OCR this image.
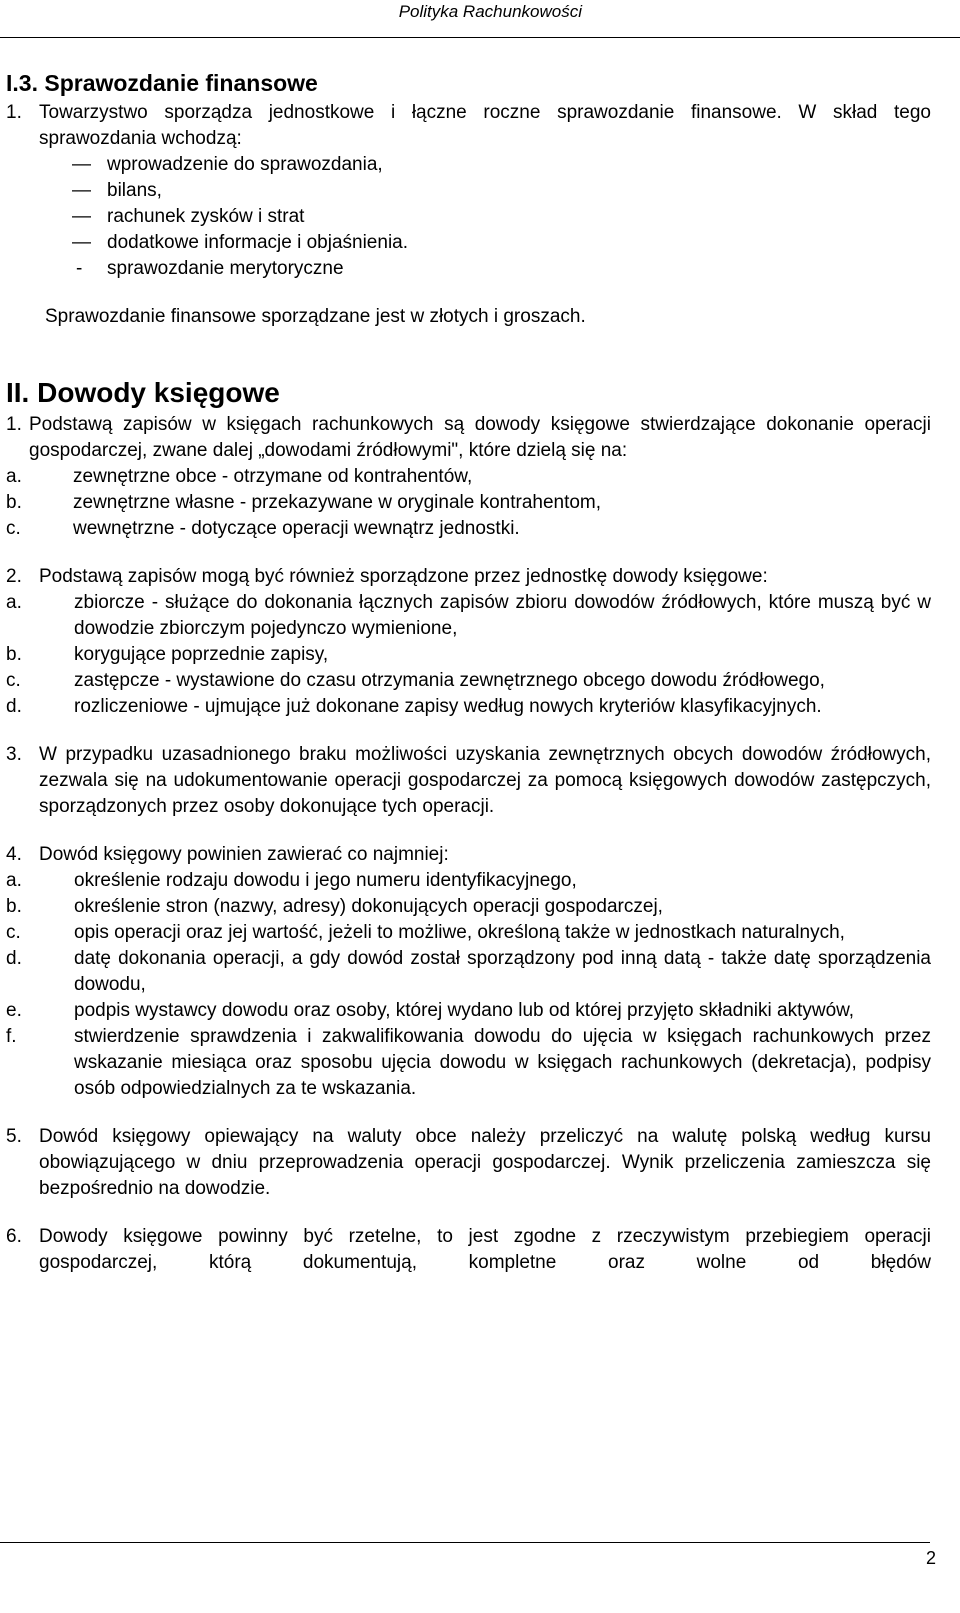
Polityka Rachunkowości
I.3. Sprawozdanie finansowe
1. Towarzystwo sporządza jednostkowe i łączne roczne sprawozdanie finansowe. W skład tego sprawozdania wchodzą:
— wprowadzenie do sprawozdania,
— bilans,
— rachunek zysków i strat
— dodatkowe informacje i objaśnienia.
-	sprawozdanie merytoryczne
Sprawozdanie finansowe sporządzane jest w złotych i groszach.
II. Dowody księgowe
1. Podstawą zapisów w księgach rachunkowych są dowody księgowe stwierdzające dokonanie operacji gospodarczej, zwane dalej „dowodami źródłowymi", które dzielą się na:
a.	zewnętrzne obce - otrzymane od kontrahentów,
b.	zewnętrzne własne - przekazywane w oryginale kontrahentom,
c.	wewnętrzne - dotyczące operacji wewnątrz jednostki.
2. Podstawą zapisów mogą być również sporządzone przez jednostkę dowody księgowe:
a.	zbiorcze - służące do dokonania łącznych zapisów zbioru dowodów źródłowych, które muszą być w dowodzie zbiorczym pojedynczo wymienione,
b.	korygujące poprzednie zapisy,
c.	zastępcze - wystawione do czasu otrzymania zewnętrznego obcego dowodu źródłowego,
d.	rozliczeniowe - ujmujące już dokonane zapisy według nowych kryteriów klasyfikacyjnych.
3. W przypadku uzasadnionego braku możliwości uzyskania zewnętrznych obcych dowodów źródłowych, zezwala się na udokumentowanie operacji gospodarczej za pomocą księgowych dowodów zastępczych, sporządzonych przez osoby dokonujące tych operacji.
4. Dowód księgowy powinien zawierać co najmniej:
a.	określenie rodzaju dowodu i jego numeru identyfikacyjnego,
b.	określenie stron (nazwy, adresy) dokonujących operacji gospodarczej,
c.	opis operacji oraz jej wartość, jeżeli to możliwe, określoną także w jednostkach naturalnych,
d.	datę dokonania operacji, a gdy dowód został sporządzony pod inną datą - także datę sporządzenia dowodu,
e.	podpis wystawcy dowodu oraz osoby, której wydano lub od której przyjęto składniki aktywów,
f.	stwierdzenie sprawdzenia i zakwalifikowania dowodu do ujęcia w księgach rachunkowych przez wskazanie miesiąca oraz sposobu ujęcia dowodu w księgach rachunkowych (dekretacja), podpisy osób odpowiedzialnych za te wskazania.
5. Dowód księgowy opiewający na waluty obce należy przeliczyć na walutę polską według kursu obowiązującego w dniu przeprowadzenia operacji gospodarczej. Wynik przeliczenia zamieszcza się bezpośrednio na dowodzie.
6. Dowody księgowe powinny być rzetelne, to jest zgodne z rzeczywistym przebiegiem operacji gospodarczej, którą dokumentują, kompletne oraz wolne od błędów
2
